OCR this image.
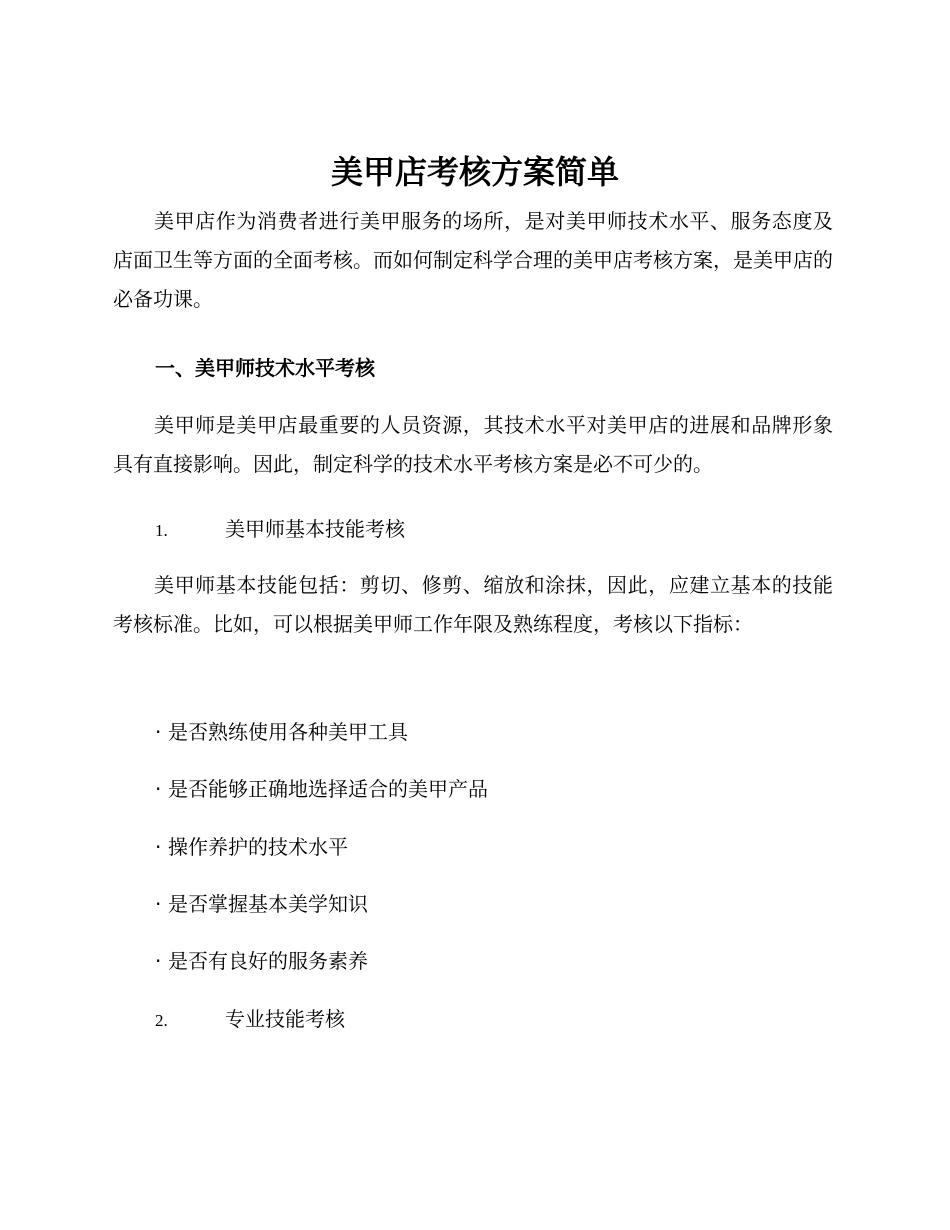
美甲店考核方案简单

美甲店作为消费者进行美甲服务的场所，是对美甲师技术水平、服务态度及店面卫生等方面的全面考核。而如何制定科学合理的美甲店考核方案，是美甲店的必备功课。

一、美甲师技术水平考核

美甲师是美甲店最重要的人员资源，其技术水平对美甲店的进展和品牌形象具有直接影响。因此，制定科学的技术水平考核方案是必不可少的。

1.	美甲师基本技能考核

美甲师基本技能包括：剪切、修剪、缩放和涂抹，因此，应建立基本的技能考核标准。比如，可以根据美甲师工作年限及熟练程度，考核以下指标：

· 是否熟练使用各种美甲工具
· 是否能够正确地选择适合的美甲产品
· 操作养护的技术水平
· 是否掌握基本美学知识
· 是否有良好的服务素养
2.	专业技能考核
